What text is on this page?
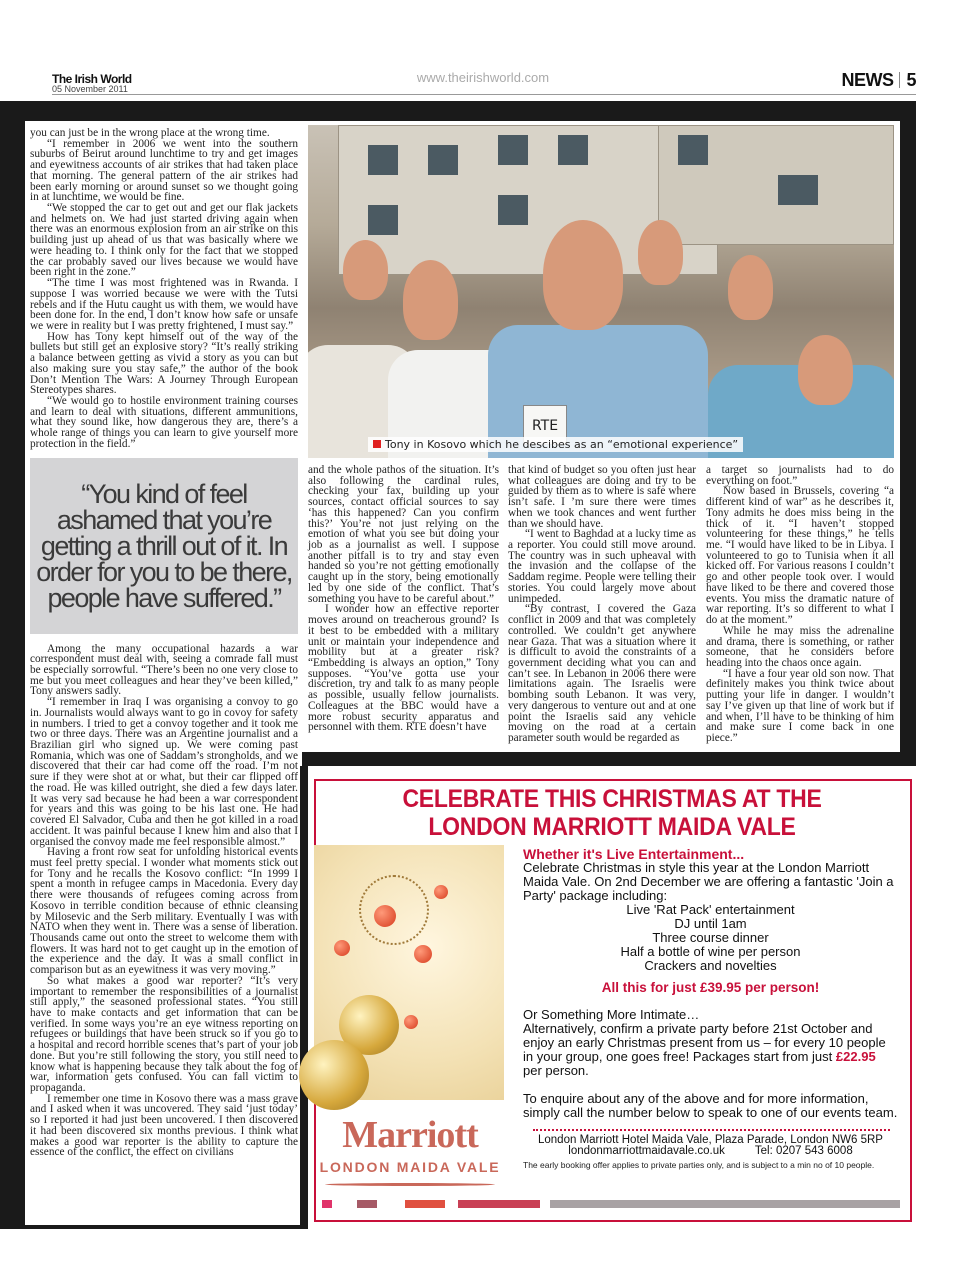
The Irish World
05 November 2011
www.theirishworld.com	NEWS 5

you can just be in the wrong place at the wrong time.

“I remember in 2006 we went into the southern suburbs of Beirut around lunchtime to try and get images and eyewitness accounts of air strikes that had taken place that morning. The general pattern of the air strikes had been early morning or around sunset so we thought going in at lunchtime, we would be fine.

“We stopped the car to get out and get our flak jackets and helmets on. We had just started driving again when there was an enormous explosion from an air strike on this building just up ahead of us that was basically where we were heading to. I think only for the fact that we stopped the car probably saved our lives because we would have been right in the zone.”

“The time I was most frightened was in Rwanda. I suppose I was worried because we were with the Tutsi rebels and if the Hutu caught us with them, we would have been done for. In the end, I don’t know how safe or unsafe we were in reality but I was pretty frightened, I must say.”

How has Tony kept himself out of the way of the bullets but still get an explosive story? “It’s really striking a balance between getting as vivid a story as you can but also making sure you stay safe,” the author of the book Don’t Mention The Wars: A Journey Through European Stereotypes shares.

“We would go to hostile environment training courses and learn to deal with situations, different ammunitions, what they sound like, how dangerous they are, there’s a whole range of things you can learn to give yourself more protection in the field.”

“You kind of feel ashamed that you’re getting a thrill out of it. In order for you to be there, people have suffered.”

Among the many occupational hazards a war correspondent must deal with, seeing a comrade fall must be especially sorrowful. “There’s been no one very close to me but you meet colleagues and hear they’ve been killed,” Tony answers sadly.

“I remember in Iraq I was organising a convoy to go in. Journalists would always want to go in covoy for safety in numbers. I tried to get a convoy together and it took me two or three days. There was an Argentine journalist and a Brazilian girl who signed up. We were coming past Romania, which was one of Saddam’s strongholds, and we discovered that their car had come off the road. I’m not sure if they were shot at or what, but their car flipped off the road. He was killed outright, she died a few days later. It was very sad because he had been a war correspondent for years and this was going to be his last one. He had covered El Salvador, Cuba and then he got killed in a road accident. It was painful because I knew him and also that I organised the convoy made me feel responsible almost.”

Having a front row seat for unfolding historical events must feel pretty special. I wonder what moments stick out for Tony and he recalls the Kosovo conflict: “In 1999 I spent a month in refugee camps in Macedonia. Every day there were thousands of refugees coming across from Kosovo in terrible condition because of ethnic cleansing by Milosevic and the Serb military. Eventually I was with NATO when they went in. There was a sense of liberation. Thousands came out onto the street to welcome them with flowers. It was hard not to get caught up in the emotion of the experience and the day. It was a small conflict in comparison but as an eyewitness it was very moving.”

So what makes a good war reporter? “It’s very important to remember the responsibilities of a journalist still apply,” the seasoned professional states. “You still have to make contacts and get information that can be verified. In some ways you’re an eye witness reporting on refugees or buildings that have been struck so if you go to a hospital and record horrible scenes that’s part of your job done. But you’re still following the story, you still need to know what is happening because they talk about the fog of war, information gets confused. You can fall victim to propaganda.

I remember one time in Kosovo there was a mass grave and I asked when it was uncovered. They said ‘just today’ so I reported it had just been uncovered. I then discovered it had been discovered six months previous. I think what makes a good war reporter is the ability to capture the essence of the conflict, the effect on civilians

and the whole pathos of the situation. It’s also following the cardinal rules, checking your fax, building up your sources, contact official sources to say ‘has this happened? Can you confirm this?’ You’re not just relying on the emotion of what you see but doing your job as a journalist as well. I suppose another pitfall is to try and stay even handed so you’re not getting emotionally caught up in the story, being emotionally led by one side of the conflict. That’s something you have to be careful about.”

I wonder how an effective reporter moves around on treacherous ground? Is it best to be embedded with a military unit or maintain your independence and mobility but at a greater risk? “Embedding is always an option,” Tony supposes. “You’ve gotta use your discretion, try and talk to as many people as possible, usually fellow journalists. Colleagues at the BBC would have a more robust security apparatus and personnel with them. RTE doesn’t have

that kind of budget so you often just hear what colleagues are doing and try to be guided by them as to where is safe where isn’t safe. I ’m sure there were times when we took chances and went further than we should have.

“I went to Baghdad at a lucky time as a reporter. You could still move around. The country was in such upheaval with the invasion and the collapse of the Saddam regime. People were telling their stories. You could largely move about unimpeded.

“By contrast, I covered the Gaza conflict in 2009 and that was completely controlled. We couldn’t get anywhere near Gaza. That was a situation where it is difficult to avoid the constraints of a government deciding what you can and can’t see. In Lebanon in 2006 there were limitations again. The Israelis were bombing south Lebanon. It was very, very dangerous to venture out and at one point the Israelis said any vehicle moving on the road at a certain parameter south would be regarded as

a target so journalists had to do everything on foot.”

Now based in Brussels, covering “a different kind of war” as he describes it, Tony admits he does miss being in the thick of it. “I haven’t stopped volunteering for these things,” he tells me. “I would have liked to be in Libya. I volunteered to go to Tunisia when it all kicked off. For various reasons I couldn’t go and other people took over. I would have liked to be there and covered those events. You miss the dramatic nature of war reporting. It’s so different to what I do at the moment.”

While he may miss the adrenaline and drama, there is something, or rather someone, that he considers before heading into the chaos once again.

“I have a four year old son now. That definitely makes you think twice about putting your life in danger. I wouldn’t say I’ve given up that line of work but if and when, I’ll have to be thinking of him and make sure I come back in one piece.”

RTE
Tony in Kosovo which he descibes as an “emotional experience”
CELEBRATE THIS CHRISTMAS AT THE
LONDON MARRIOTT MAIDA VALE
Marriott
LONDON MAIDA VALE
Whether it's Live Entertainment...
Celebrate Christmas in style this year at the London Marriott Maida Vale. On 2nd December we are offering a fantastic 'Join a Party' package including:
Live 'Rat Pack' entertainment
DJ until 1am
Three course dinner
Half a bottle of wine per person
Crackers and novelties
All this for just £39.95 per person!
Or Something More Intimate…
Alternatively, confirm a private party before 21st October and enjoy an early Christmas present from us – for every 10 people in your group, one goes free! Packages start from just £22.95 per person.
To enquire about any of the above and for more information, simply call the number below to speak to one of our events team.
London Marriott Hotel Maida Vale, Plaza Parade, London NW6 5RP
londonmarriottmaidavale.co.uk	Tel: 0207 543 6008
The early booking offer applies to private parties only, and is subject to a min no of 10 people.
